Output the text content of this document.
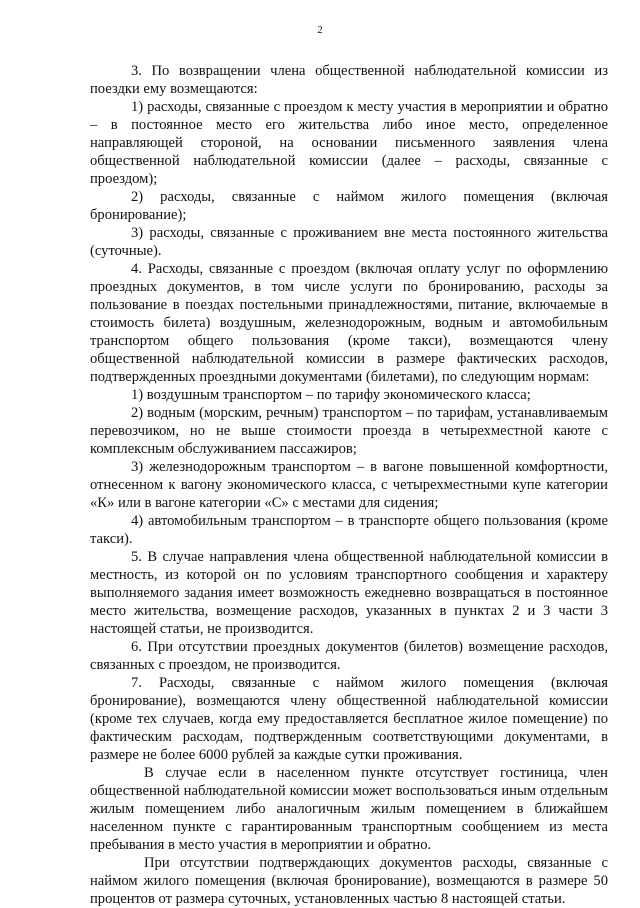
2

3. По возвращении члена общественной наблюдательной комиссии из поездки ему возмещаются:

1) расходы, связанные с проездом к месту участия в мероприятии и обратно – в постоянное место его жительства либо иное место, определенное направляющей стороной, на основании письменного заявления члена общественной наблюдательной комиссии (далее – расходы, связанные с проездом);

2) расходы, связанные с наймом жилого помещения (включая бронирование);

3) расходы, связанные с проживанием вне места постоянного жительства (суточные).

4. Расходы, связанные с проездом (включая оплату услуг по оформлению проездных документов, в том числе услуги по бронированию, расходы за пользование в поездах постельными принадлежностями, питание, включаемые в стоимость билета) воздушным, железнодорожным, водным и автомобильным транспортом общего пользования (кроме такси), возмещаются члену общественной наблюдательной комиссии в размере фактических расходов, подтвержденных проездными документами (билетами), по следующим нормам:

1) воздушным транспортом – по тарифу экономического класса;

2) водным (морским, речным) транспортом – по тарифам, устанавливаемым перевозчиком, но не выше стоимости проезда в четырехместной каюте с комплексным обслуживанием пассажиров;

3) железнодорожным транспортом – в вагоне повышенной комфортности, отнесенном к вагону экономического класса, с четырехместными купе категории «К» или в вагоне категории «С» с местами для сидения;

4) автомобильным транспортом – в транспорте общего пользования (кроме такси).

5. В случае направления члена общественной наблюдательной комиссии в местность, из которой он по условиям транспортного сообщения и характеру выполняемого задания имеет возможность ежедневно возвращаться в постоянное место жительства, возмещение расходов, указанных в пунктах 2 и 3 части 3 настоящей статьи, не производится.

6. При отсутствии проездных документов (билетов) возмещение расходов, связанных с проездом, не производится.

7. Расходы, связанные с наймом жилого помещения (включая бронирование), возмещаются члену общественной наблюдательной комиссии (кроме тех случаев, когда ему предоставляется бесплатное жилое помещение) по фактическим расходам, подтвержденным соответствующими документами, в размере не более 6000 рублей за каждые сутки проживания.

В случае если в населенном пункте отсутствует гостиница, член общественной наблюдательной комиссии может воспользоваться иным отдельным жилым помещением либо аналогичным жилым помещением в ближайшем населенном пункте с гарантированным транспортным сообщением из места пребывания в место участия в мероприятии и обратно.

При отсутствии подтверждающих документов расходы, связанные с наймом жилого помещения (включая бронирование), возмещаются в размере 50 процентов от размера суточных, установленных частью 8 настоящей статьи.
